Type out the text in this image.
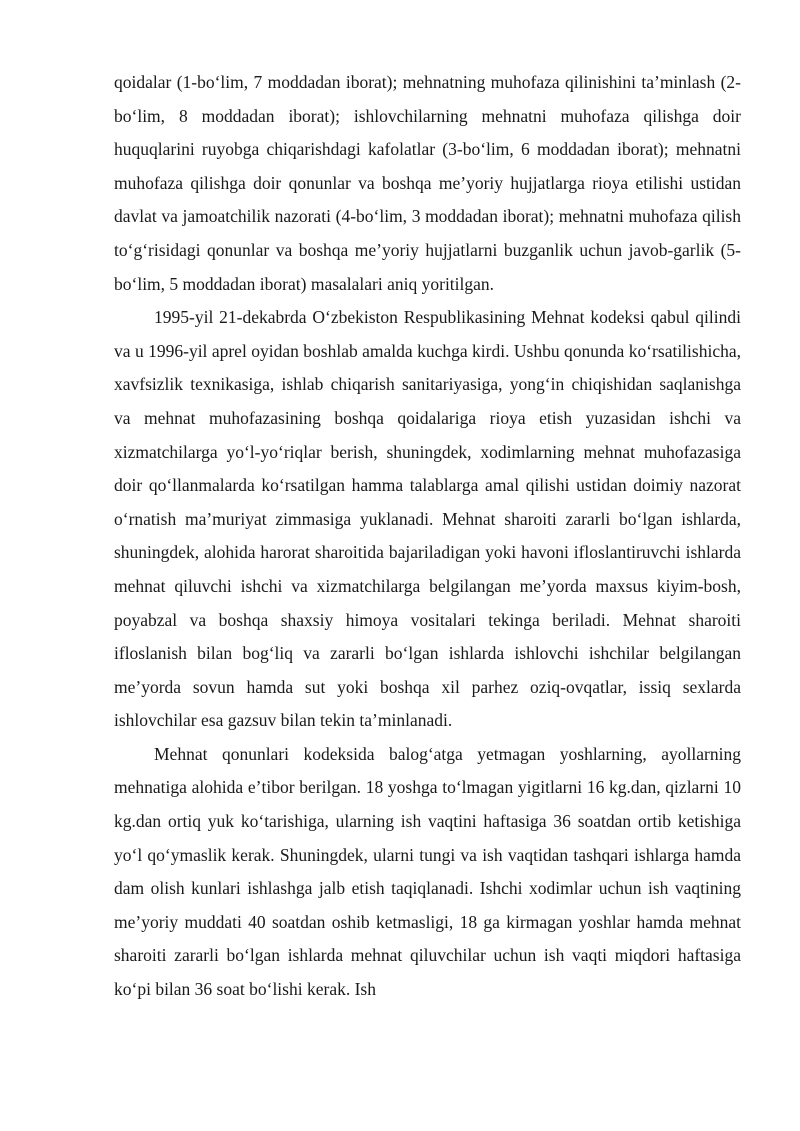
qoidalar (1-boʻlim, 7 moddadan iborat); mehnatning muhofaza qilinishini taʼminlash (2-boʻlim, 8 moddadan iborat); ishlovchilarning mehnatni muhofaza qilishga doir huquqlarini ruyobga chiqarishdagi kafolatlar (3-boʻlim, 6 moddadan iborat); mehnatni muhofaza qilishga doir qonunlar va boshqa meʼyoriy hujjatlarga rioya etilishi ustidan davlat va jamoatchilik nazorati (4-boʻlim, 3 moddadan iborat); mehnatni muhofaza qilish toʻgʻrisidagi qonunlar va boshqa meʼyoriy hujjatlarni buzganlik uchun javob-garlik (5-boʻlim, 5 moddadan iborat) masalalari aniq yoritilgan.

1995-yil 21-dekabrda Oʻzbekiston Respublikasining Mehnat kodeksi qabul qilindi va u 1996-yil aprel oyidan boshlab amalda kuchga kirdi. Ushbu qonunda koʻrsatilishicha, xavfsizlik texnikasiga, ishlab chiqarish sanitariyasiga, yongʻin chiqishidan saqlanishga va mehnat muhofazasining boshqa qoidalariga rioya etish yuzasidan ishchi va xizmatchilarga yoʻl-yoʻriqlar berish, shuningdek, xodimlarning mehnat muhofazasiga doir qoʻllanmalarda koʻrsatilgan hamma talablarga amal qilishi ustidan doimiy nazorat oʻrnatish maʼmuriyat zimmasiga yuklanadi. Mehnat sharoiti zararli boʻlgan ishlarda, shuningdek, alohida harorat sharoitida bajariladigan yoki havoni ifloslantiruvchi ishlarda mehnat qiluvchi ishchi va xizmatchilarga belgilangan meʼyorda maxsus kiyim-bosh, poyabzal va boshqa shaxsiy himoya vositalari tekinga beriladi. Mehnat sharoiti ifloslanish bilan bogʻliq va zararli boʻlgan ishlarda ishlovchi ishchilar belgilangan meʼyorda sovun hamda sut yoki boshqa xil parhez oziq-ovqatlar, issiq sexlarda ishlovchilar esa gazsuv bilan tekin taʼminlanadi.

Mehnat qonunlari kodeksida balogʻatga yetmagan yoshlarning, ayollarning mehnatiga alohida eʼtibor berilgan. 18 yoshga toʻlmagan yigitlarni 16 kg.dan, qizlarni 10 kg.dan ortiq yuk koʻtarishiga, ularning ish vaqtini haftasiga 36 soatdan ortib ketishiga yoʻl qoʻymaslik kerak. Shuningdek, ularni tungi va ish vaqtidan tashqari ishlarga hamda dam olish kunlari ishlashga jalb etish taqiqlanadi. Ishchi xodimlar uchun ish vaqtining meʼyoriy muddati 40 soatdan oshib ketmasligi, 18 ga kirmagan yoshlar hamda mehnat sharoiti zararli boʻlgan ishlarda mehnat qiluvchilar uchun ish vaqti miqdori haftasiga koʻpi bilan 36 soat boʻlishi kerak. Ish
